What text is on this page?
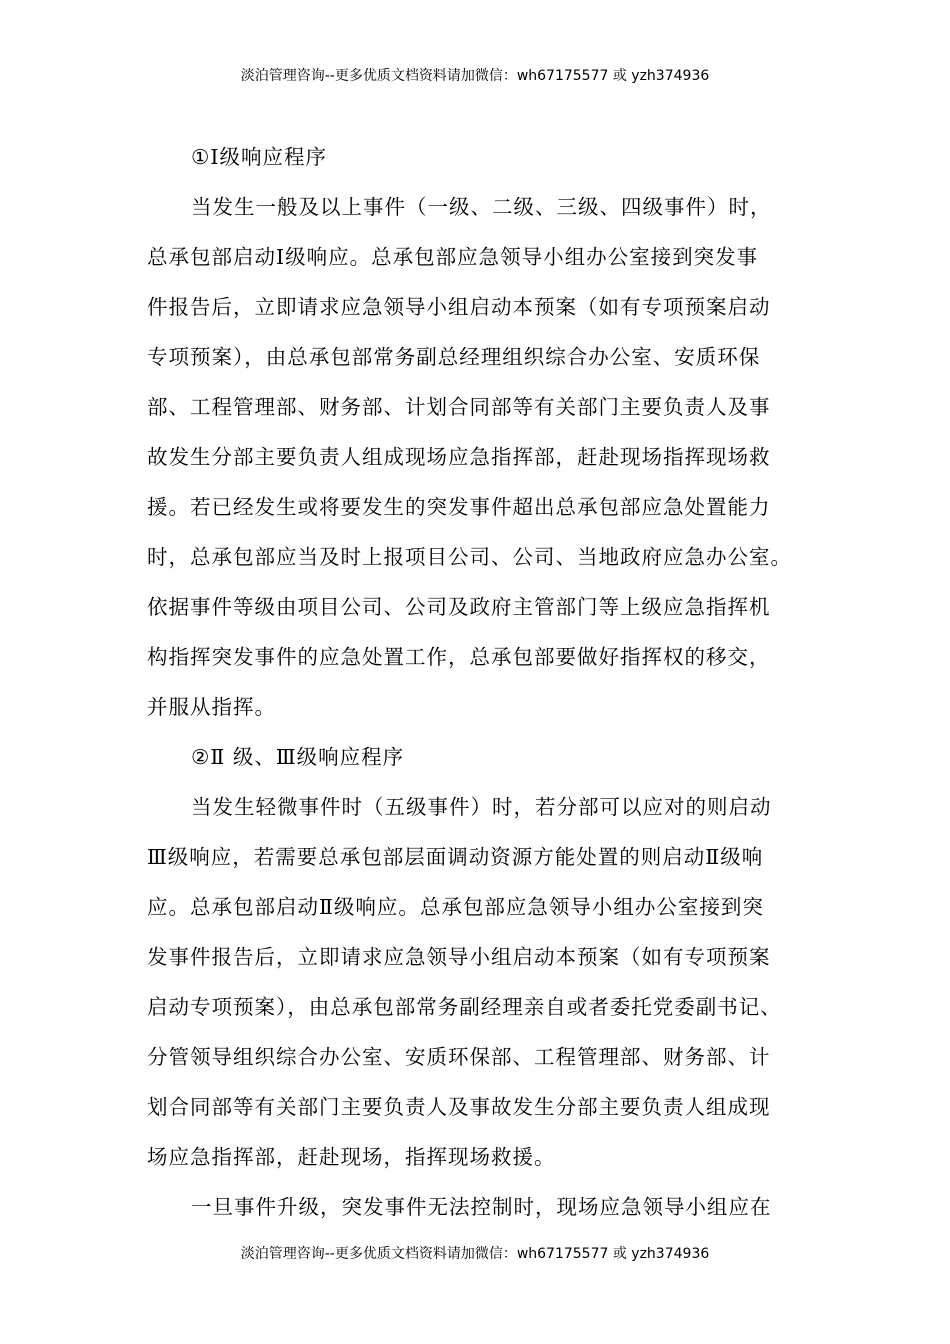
淡泊管理咨询--更多优质文档资料请加微信：wh67175577 或 yzh374936
①Ⅰ级响应程序
当发生一般及以上事件（一级、二级、三级、四级事件）时，
总承包部启动Ⅰ级响应。总承包部应急领导小组办公室接到突发事
件报告后，立即请求应急领导小组启动本预案（如有专项预案启动
专项预案），由总承包部常务副总经理组织综合办公室、安质环保
部、工程管理部、财务部、计划合同部等有关部门主要负责人及事
故发生分部主要负责人组成现场应急指挥部，赶赴现场指挥现场救
援。若已经发生或将要发生的突发事件超出总承包部应急处置能力
时，总承包部应当及时上报项目公司、公司、当地政府应急办公室。
依据事件等级由项目公司、公司及政府主管部门等上级应急指挥机
构指挥突发事件的应急处置工作，总承包部要做好指挥权的移交，
并服从指挥。
②Ⅱ 级、Ⅲ级响应程序
当发生轻微事件时（五级事件）时，若分部可以应对的则启动
Ⅲ级响应，若需要总承包部层面调动资源方能处置的则启动Ⅱ级响
应。总承包部启动Ⅱ级响应。总承包部应急领导小组办公室接到突
发事件报告后，立即请求应急领导小组启动本预案（如有专项预案
启动专项预案），由总承包部常务副经理亲自或者委托党委副书记、
分管领导组织综合办公室、安质环保部、工程管理部、财务部、计
划合同部等有关部门主要负责人及事故发生分部主要负责人组成现
场应急指挥部，赶赴现场，指挥现场救援。
一旦事件升级，突发事件无法控制时，现场应急领导小组应在
淡泊管理咨询--更多优质文档资料请加微信：wh67175577 或 yzh374936
